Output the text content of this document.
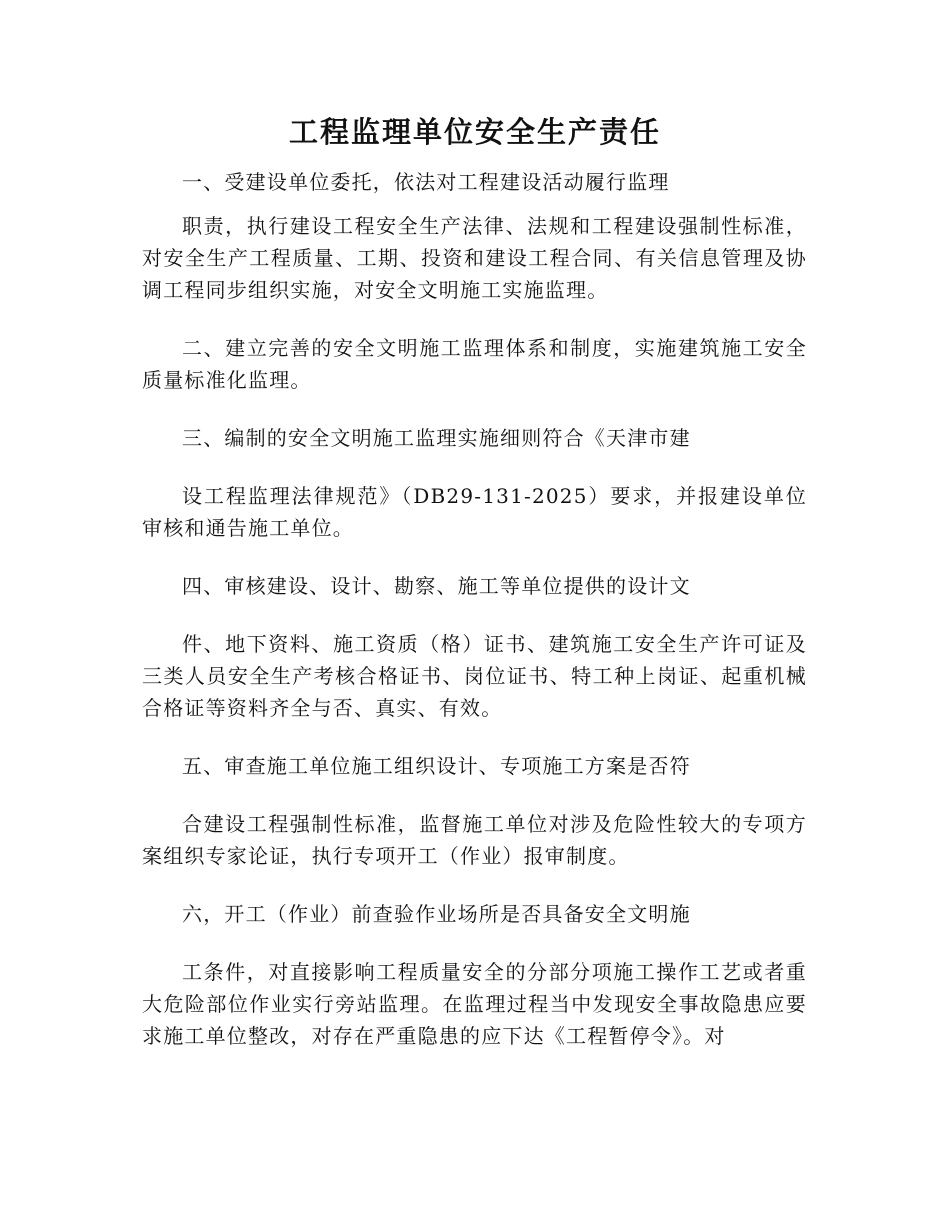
工程监理单位安全生产责任

一、受建设单位委托，依法对工程建设活动履行监理

职责，执行建设工程安全生产法律、法规和工程建设强制性标准，对安全生产工程质量、工期、投资和建设工程合同、有关信息管理及协调工程同步组织实施，对安全文明施工实施监理。

二、建立完善的安全文明施工监理体系和制度，实施建筑施工安全质量标准化监理。

三、编制的安全文明施工监理实施细则符合《天津市建

设工程监理法律规范》（DB29-131-2025）要求，并报建设单位审核和通告施工单位。

四、审核建设、设计、勘察、施工等单位提供的设计文

件、地下资料、施工资质（格）证书、建筑施工安全生产许可证及三类人员安全生产考核合格证书、岗位证书、特工种上岗证、起重机械合格证等资料齐全与否、真实、有效。

五、审查施工单位施工组织设计、专项施工方案是否符

合建设工程强制性标准，监督施工单位对涉及危险性较大的专项方案组织专家论证，执行专项开工（作业）报审制度。

六，开工（作业）前查验作业场所是否具备安全文明施

工条件，对直接影响工程质量安全的分部分项施工操作工艺或者重大危险部位作业实行旁站监理。在监理过程当中发现安全事故隐患应要求施工单位整改，对存在严重隐患的应下达《工程暂停令》。对
